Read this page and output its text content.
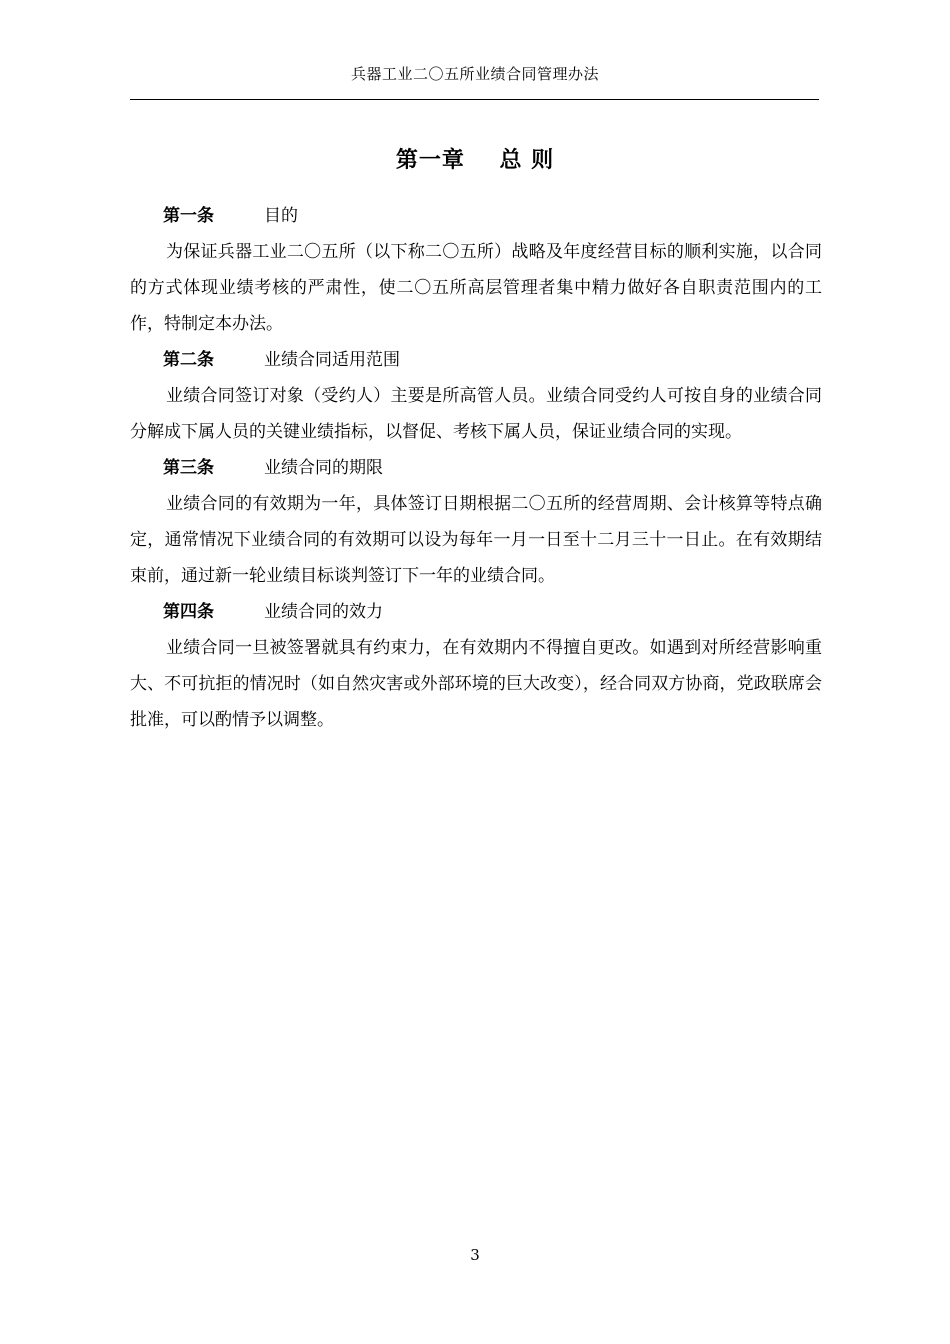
兵器工业二〇五所业绩合同管理办法
第一章    总 则
第一条	目的

为保证兵器工业二〇五所（以下称二〇五所）战略及年度经营目标的顺利实施，以合同的方式体现业绩考核的严肃性，使二〇五所高层管理者集中精力做好各自职责范围内的工作，特制定本办法。

第二条	业绩合同适用范围

业绩合同签订对象（受约人）主要是所高管人员。业绩合同受约人可按自身的业绩合同分解成下属人员的关键业绩指标，以督促、考核下属人员，保证业绩合同的实现。

第三条	业绩合同的期限

业绩合同的有效期为一年，具体签订日期根据二〇五所的经营周期、会计核算等特点确定，通常情况下业绩合同的有效期可以设为每年一月一日至十二月三十一日止。在有效期结束前，通过新一轮业绩目标谈判签订下一年的业绩合同。

第四条	业绩合同的效力

业绩合同一旦被签署就具有约束力，在有效期内不得擅自更改。如遇到对所经营影响重大、不可抗拒的情况时（如自然灾害或外部环境的巨大改变），经合同双方协商，党政联席会批准，可以酌情予以调整。

3
